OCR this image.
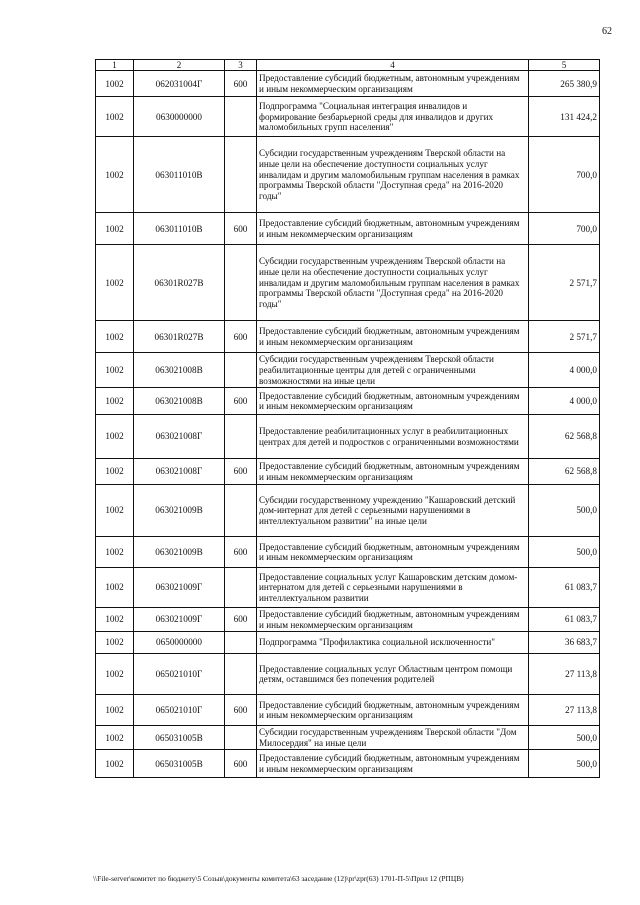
62
1	2	3	4	5
1002	062031004Г	600	Предоставление субсидий бюджетным, автономным учреждениям и иным некоммерческим организациям	265 380,9
1002	0630000000		Подпрограмма "Социальная интеграция инвалидов и формирование безбарьерной среды для инвалидов и других маломобильных групп населения"	131 424,2
1002	063011010В		Субсидии государственным учреждениям Тверской области на иные цели на обеспечение доступности социальных услуг инвалидам и другим маломобильным группам населения в рамках программы Тверской области "Доступная среда" на 2016-2020 годы"	700,0
1002	063011010В	600	Предоставление субсидий бюджетным, автономным учреждениям и иным некоммерческим организациям	700,0
1002	06301R027В		Субсидии государственным учреждениям Тверской области на иные цели на обеспечение доступности социальных услуг инвалидам и другим маломобильным группам населения в рамках программы Тверской области "Доступная среда" на 2016-2020 годы"	2 571,7
1002	06301R027В	600	Предоставление субсидий бюджетным, автономным учреждениям и иным некоммерческим организациям	2 571,7
1002	063021008В		Субсидии государственным учреждениям Тверской области реабилитационные центры для детей с ограниченными возможностями на иные цели	4 000,0
1002	063021008В	600	Предоставление субсидий бюджетным, автономным учреждениям и иным некоммерческим организациям	4 000,0
1002	063021008Г		Предоставление реабилитационных услуг в реабилитационных центрах для детей и подростков с ограниченными возможностями	62 568,8
1002	063021008Г	600	Предоставление субсидий бюджетным, автономным учреждениям и иным некоммерческим организациям	62 568,8
1002	063021009В		Субсидии государственному учреждению "Кашаровский детский дом-интернат для детей с серьезными нарушениями в интеллектуальном развитии" на иные цели	500,0
1002	063021009В	600	Предоставление субсидий бюджетным, автономным учреждениям и иным некоммерческим организациям	500,0
1002	063021009Г		Предоставление социальных услуг Кашаровским детским домом-интернатом для детей с серьезными нарушениями в интеллектуальном развитии	61 083,7
1002	063021009Г	600	Предоставление субсидий бюджетным, автономным учреждениям и иным некоммерческим организациям	61 083,7
1002	0650000000		Подпрограмма "Профилактика социальной исключенности"	36 683,7
1002	065021010Г		Предоставление социальных услуг Областным центром помощи детям, оставшимся без попечения родителей	27 113,8
1002	065021010Г	600	Предоставление субсидий бюджетным, автономным учреждениям и иным некоммерческим организациям	27 113,8
1002	065031005В		Субсидии государственным учреждениям Тверской области "Дом Милосердия" на иные цели	500,0
1002	065031005В	600	Предоставление субсидий бюджетным, автономным учреждениям и иным некоммерческим организациям	500,0
\\File-server\комитет по бюджету\5 Созыв\документы комитета\63 заседание (12)\pr\zpr(63) 1701-П-5\Прил 12 (РПЦВ)
